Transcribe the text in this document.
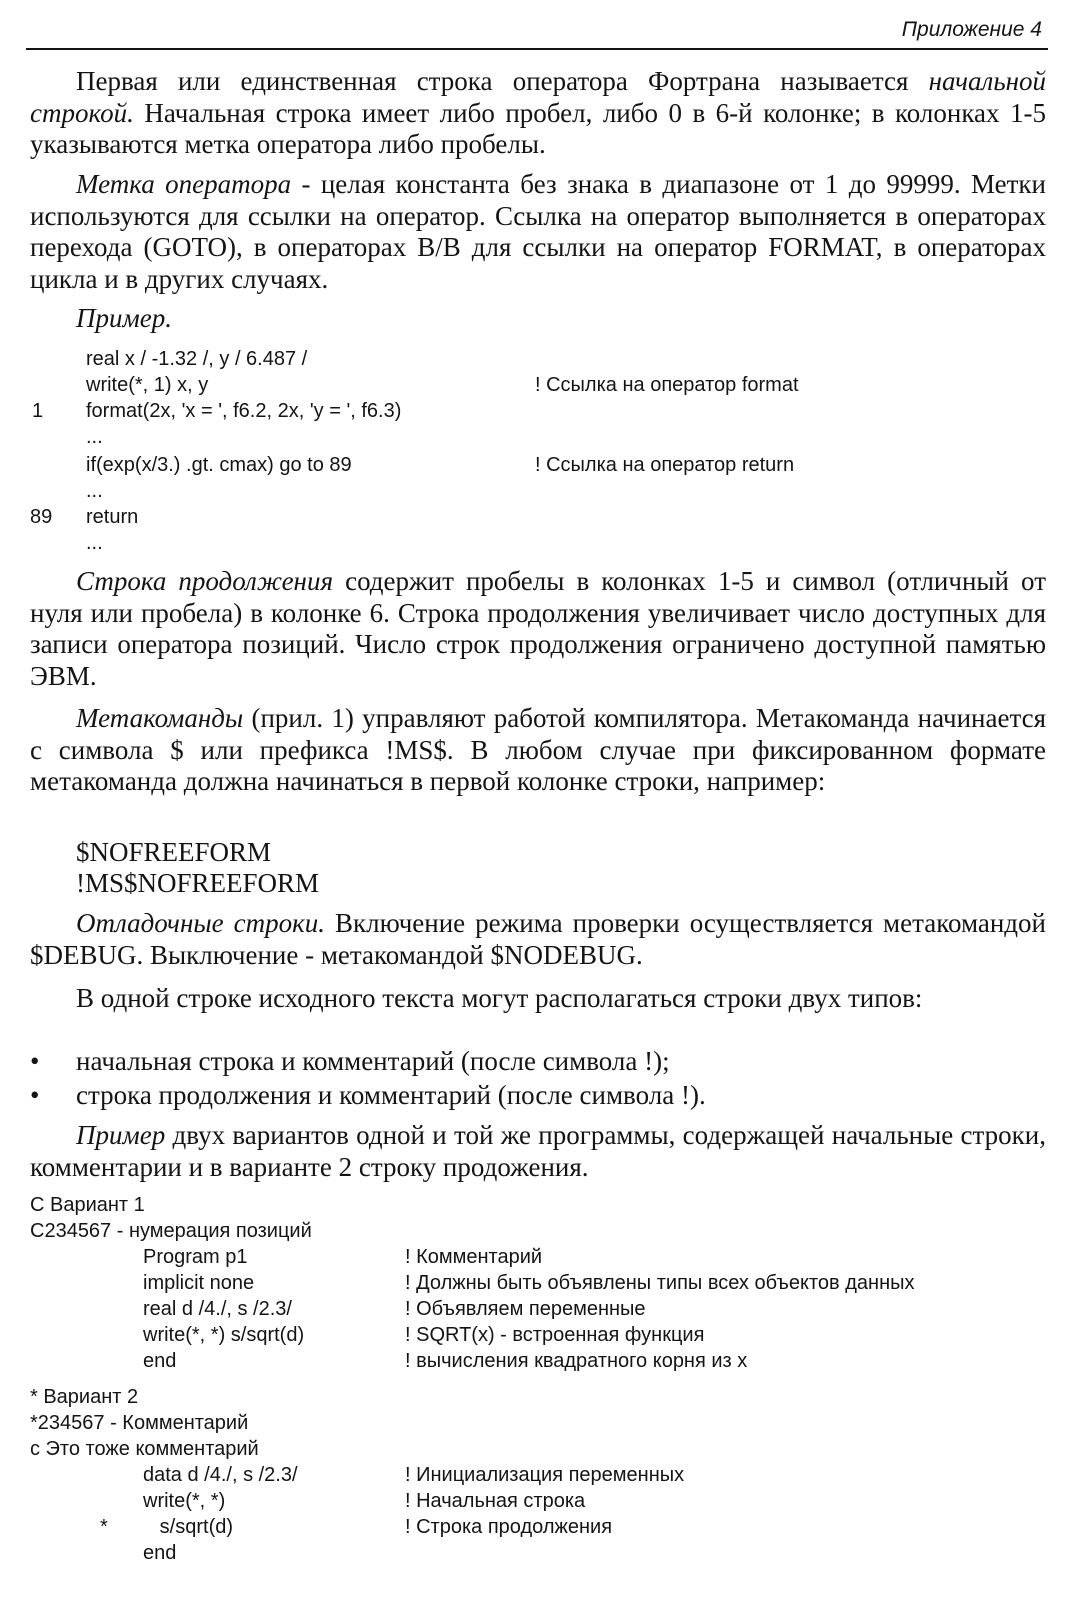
Приложение 4

Первая или единственная строка оператора Фортрана называется начальной строкой. Начальная строка имеет либо пробел, либо 0 в 6-й колонке; в колонках 1-5 указываются метка оператора либо пробелы.

Метка оператора - целая константа без знака в диапазоне от 1 до 99999. Метки используются для ссылки на оператор. Ссылка на оператор выполняется в операторах перехода (GOTO), в операторах В/В для ссылки на оператор FORMAT, в операторах цикла и в других случаях.

Пример.
real x / -1.32 /, y / 6.487 /
write(*, 1) x, y	! Ссылка на оператор format
1 format(2x, 'x = ', f6.2, 2x, 'y = ', f6.3)
...
if(exp(x/3.) .gt. cmax) go to 89	! Ссылка на оператор return
...
89 return
...

Строка продолжения содержит пробелы в колонках 1-5 и символ (отличный от нуля или пробела) в колонке 6. Строка продолжения увеличивает число доступных для записи оператора позиций. Число строк продолжения ограничено доступной памятью ЭВМ.

Метакоманды (прил. 1) управляют работой компилятора. Метакоманда начинается с символа $ или префикса !MS$. В любом случае при фиксированном формате метакоманда должна начинаться в первой колонке строки, например:

$NOFREEFORM
!MS$NOFREEFORM

Отладочные строки. Включение режима проверки осуществляется метакомандой $DEBUG. Выключение - метакомандой $NODEBUG.

В одной строке исходного текста могут располагаться строки двух типов:

• начальная строка и комментарий (после символа !);
• строка продолжения и комментарий (после символа !).

Пример двух вариантов одной и той же программы, содержащей начальные строки, комментарии и в варианте 2 строку продожения.

C Вариант 1
C234567 - нумерация позиций
Program p1	! Комментарий
implicit none	! Должны быть объявлены типы всех объектов данных
real d /4./, s /2.3/	! Объявляем переменные
write(*, *) s/sqrt(d)	! SQRT(x) - встроенная функция
end	! вычисления квадратного корня из x
* Вариант 2
*234567 - Комментарий
c Это тоже комментарий
data d /4./, s /2.3/	! Инициализация переменных
write(*, *)	! Начальная строка
* s/sqrt(d)	! Строка продолжения
end
